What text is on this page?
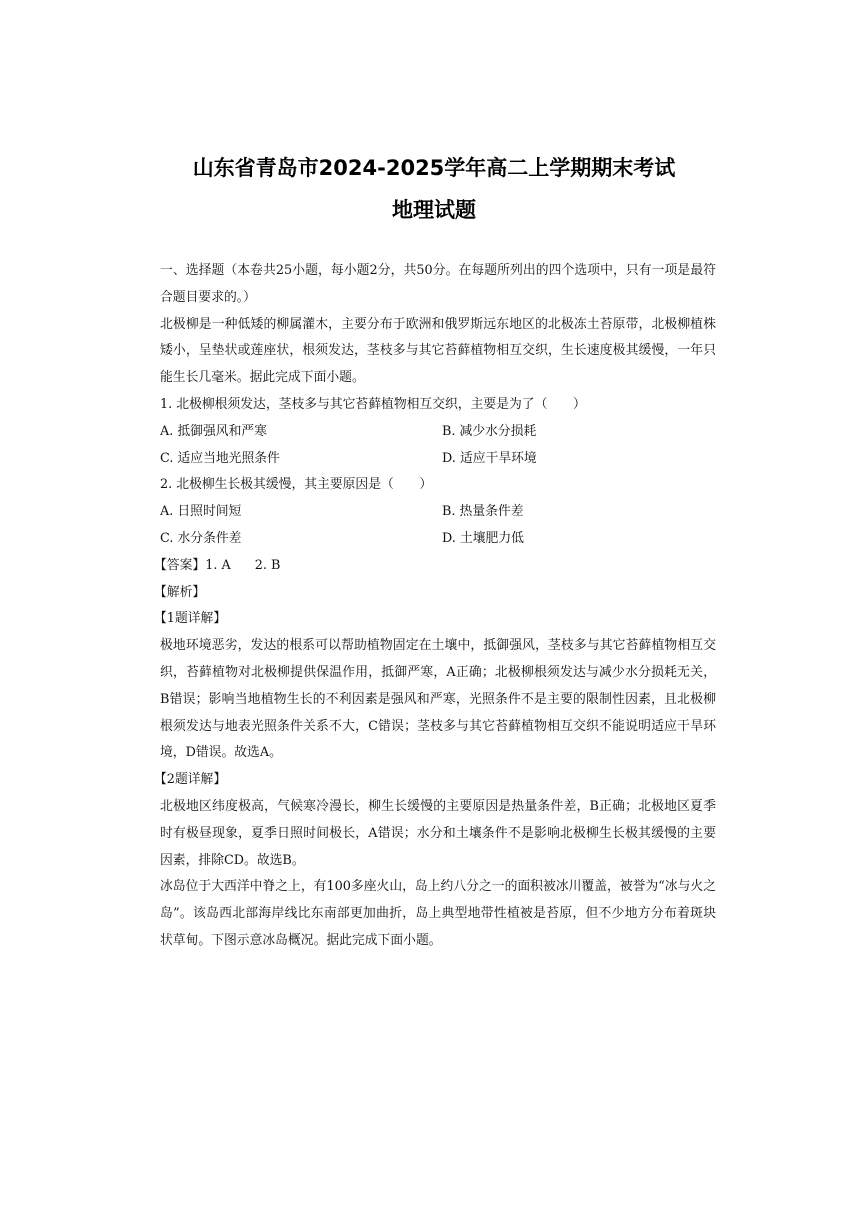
山东省青岛市2024-2025学年高二上学期期末考试
地理试题

一、选择题（本卷共25小题，每小题2分，共50分。在每题所列出的四个选项中，只有一项是最符合题目要求的。）

北极柳是一种低矮的柳属灌木，主要分布于欧洲和俄罗斯远东地区的北极冻土苔原带，北极柳植株矮小，呈垫状或莲座状，根须发达，茎枝多与其它苔藓植物相互交织，生长速度极其缓慢，一年只能生长几毫米。据此完成下面小题。

1. 北极柳根须发达，茎枝多与其它苔藓植物相互交织，主要是为了（　　）

A. 抵御强风和严寒	B. 减少水分损耗
C. 适应当地光照条件	D. 适应干旱环境

2. 北极柳生长极其缓慢，其主要原因是（　　）

A. 日照时间短	B. 热量条件差
C. 水分条件差	D. 土壤肥力低
【答案】1. A 2. B
【解析】
【1题详解】

极地环境恶劣，发达的根系可以帮助植物固定在土壤中，抵御强风，茎枝多与其它苔藓植物相互交织，苔藓植物对北极柳提供保温作用，抵御严寒，A正确；北极柳根须发达与减少水分损耗无关，B错误；影响当地植物生长的不利因素是强风和严寒，光照条件不是主要的限制性因素，且北极柳根须发达与地表光照条件关系不大，C错误；茎枝多与其它苔藓植物相互交织不能说明适应干旱环境，D错误。故选A。

【2题详解】

北极地区纬度极高，气候寒冷漫长，柳生长缓慢的主要原因是热量条件差，B正确；北极地区夏季时有极昼现象，夏季日照时间极长，A错误；水分和土壤条件不是影响北极柳生长极其缓慢的主要因素，排除CD。故选B。

冰岛位于大西洋中脊之上，有100多座火山，岛上约八分之一的面积被冰川覆盖，被誉为“冰与火之岛”。该岛西北部海岸线比东南部更加曲折，岛上典型地带性植被是苔原，但不少地方分布着斑块状草甸。下图示意冰岛概况。据此完成下面小题。
